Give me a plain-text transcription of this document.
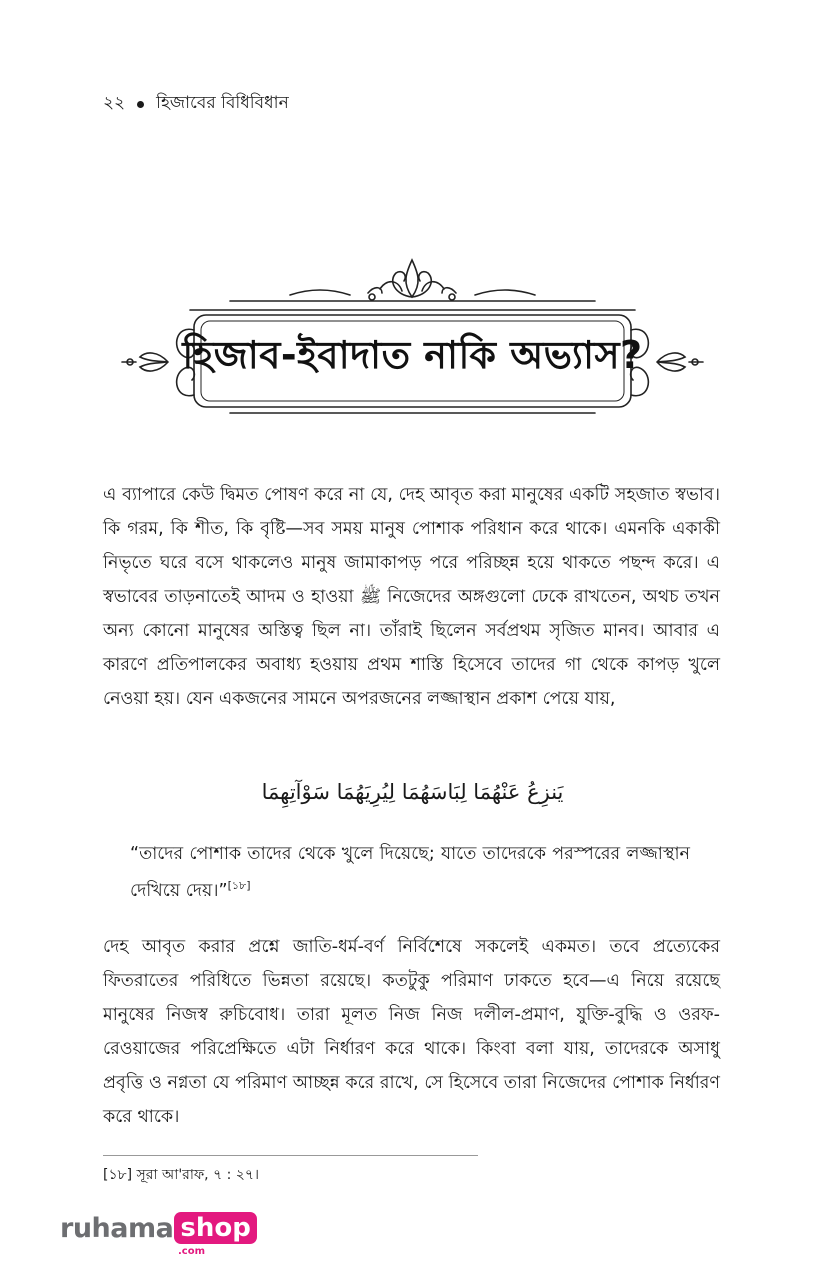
২২ হিজাবের বিধিবিধান
হিজাব-ইবাদাত নাকি অভ্যাস?

এ ব্যাপারে কেউ দ্বিমত পোষণ করে না যে, দেহ আবৃত করা মানুষের একটি সহজাত স্বভাব। কি গরম, কি শীত, কি বৃষ্টি—সব সময় মানুষ পোশাক পরিধান করে থাকে। এমনকি একাকী নিভৃতে ঘরে বসে থাকলেও মানুষ জামাকাপড় পরে পরিচ্ছন্ন হয়ে থাকতে পছন্দ করে। এ স্বভাবের তাড়নাতেই আদম ও হাওয়া ﷺ নিজেদের অঙ্গগুলো ঢেকে রাখতেন, অথচ তখন অন্য কোনো মানুষের অস্তিত্ব ছিল না। তাঁরাই ছিলেন সর্বপ্রথম সৃজিত মানব। আবার এ কারণে প্রতিপালকের অবাধ্য হওয়ায় প্রথম শাস্তি হিসেবে তাদের গা থেকে কাপড় খুলে নেওয়া হয়। যেন একজনের সামনে অপরজনের লজ্জাস্থান প্রকাশ পেয়ে যায়,

يَنزِعُ عَنْهُمَا لِبَاسَهُمَا لِيُرِيَهُمَا سَوْآتِهِمَا

“তাদের পোশাক তাদের থেকে খুলে দিয়েছে; যাতে তাদেরকে পরস্পরের লজ্জাস্থান দেখিয়ে দেয়।”[১৮]

দেহ আবৃত করার প্রশ্নে জাতি-ধর্ম-বর্ণ নির্বিশেষে সকলেই একমত। তবে প্রত্যেকের ফিতরাতের পরিধিতে ভিন্নতা রয়েছে। কতটুকু পরিমাণ ঢাকতে হবে—এ নিয়ে রয়েছে মানুষের নিজস্ব রুচিবোধ। তারা মূলত নিজ নিজ দলীল-প্রমাণ, যুক্তি-বুদ্ধি ও ওরফ-রেওয়াজের পরিপ্রেক্ষিতে এটা নির্ধারণ করে থাকে। কিংবা বলা যায়, তাদেরকে অসাধু প্রবৃত্তি ও নগ্নতা যে পরিমাণ আচ্ছন্ন করে রাখে, সে হিসেবে তারা নিজেদের পোশাক নির্ধারণ করে থাকে।

[১৮] সূরা আ'রাফ, ৭ : ২৭।
ruhama shop
.com
